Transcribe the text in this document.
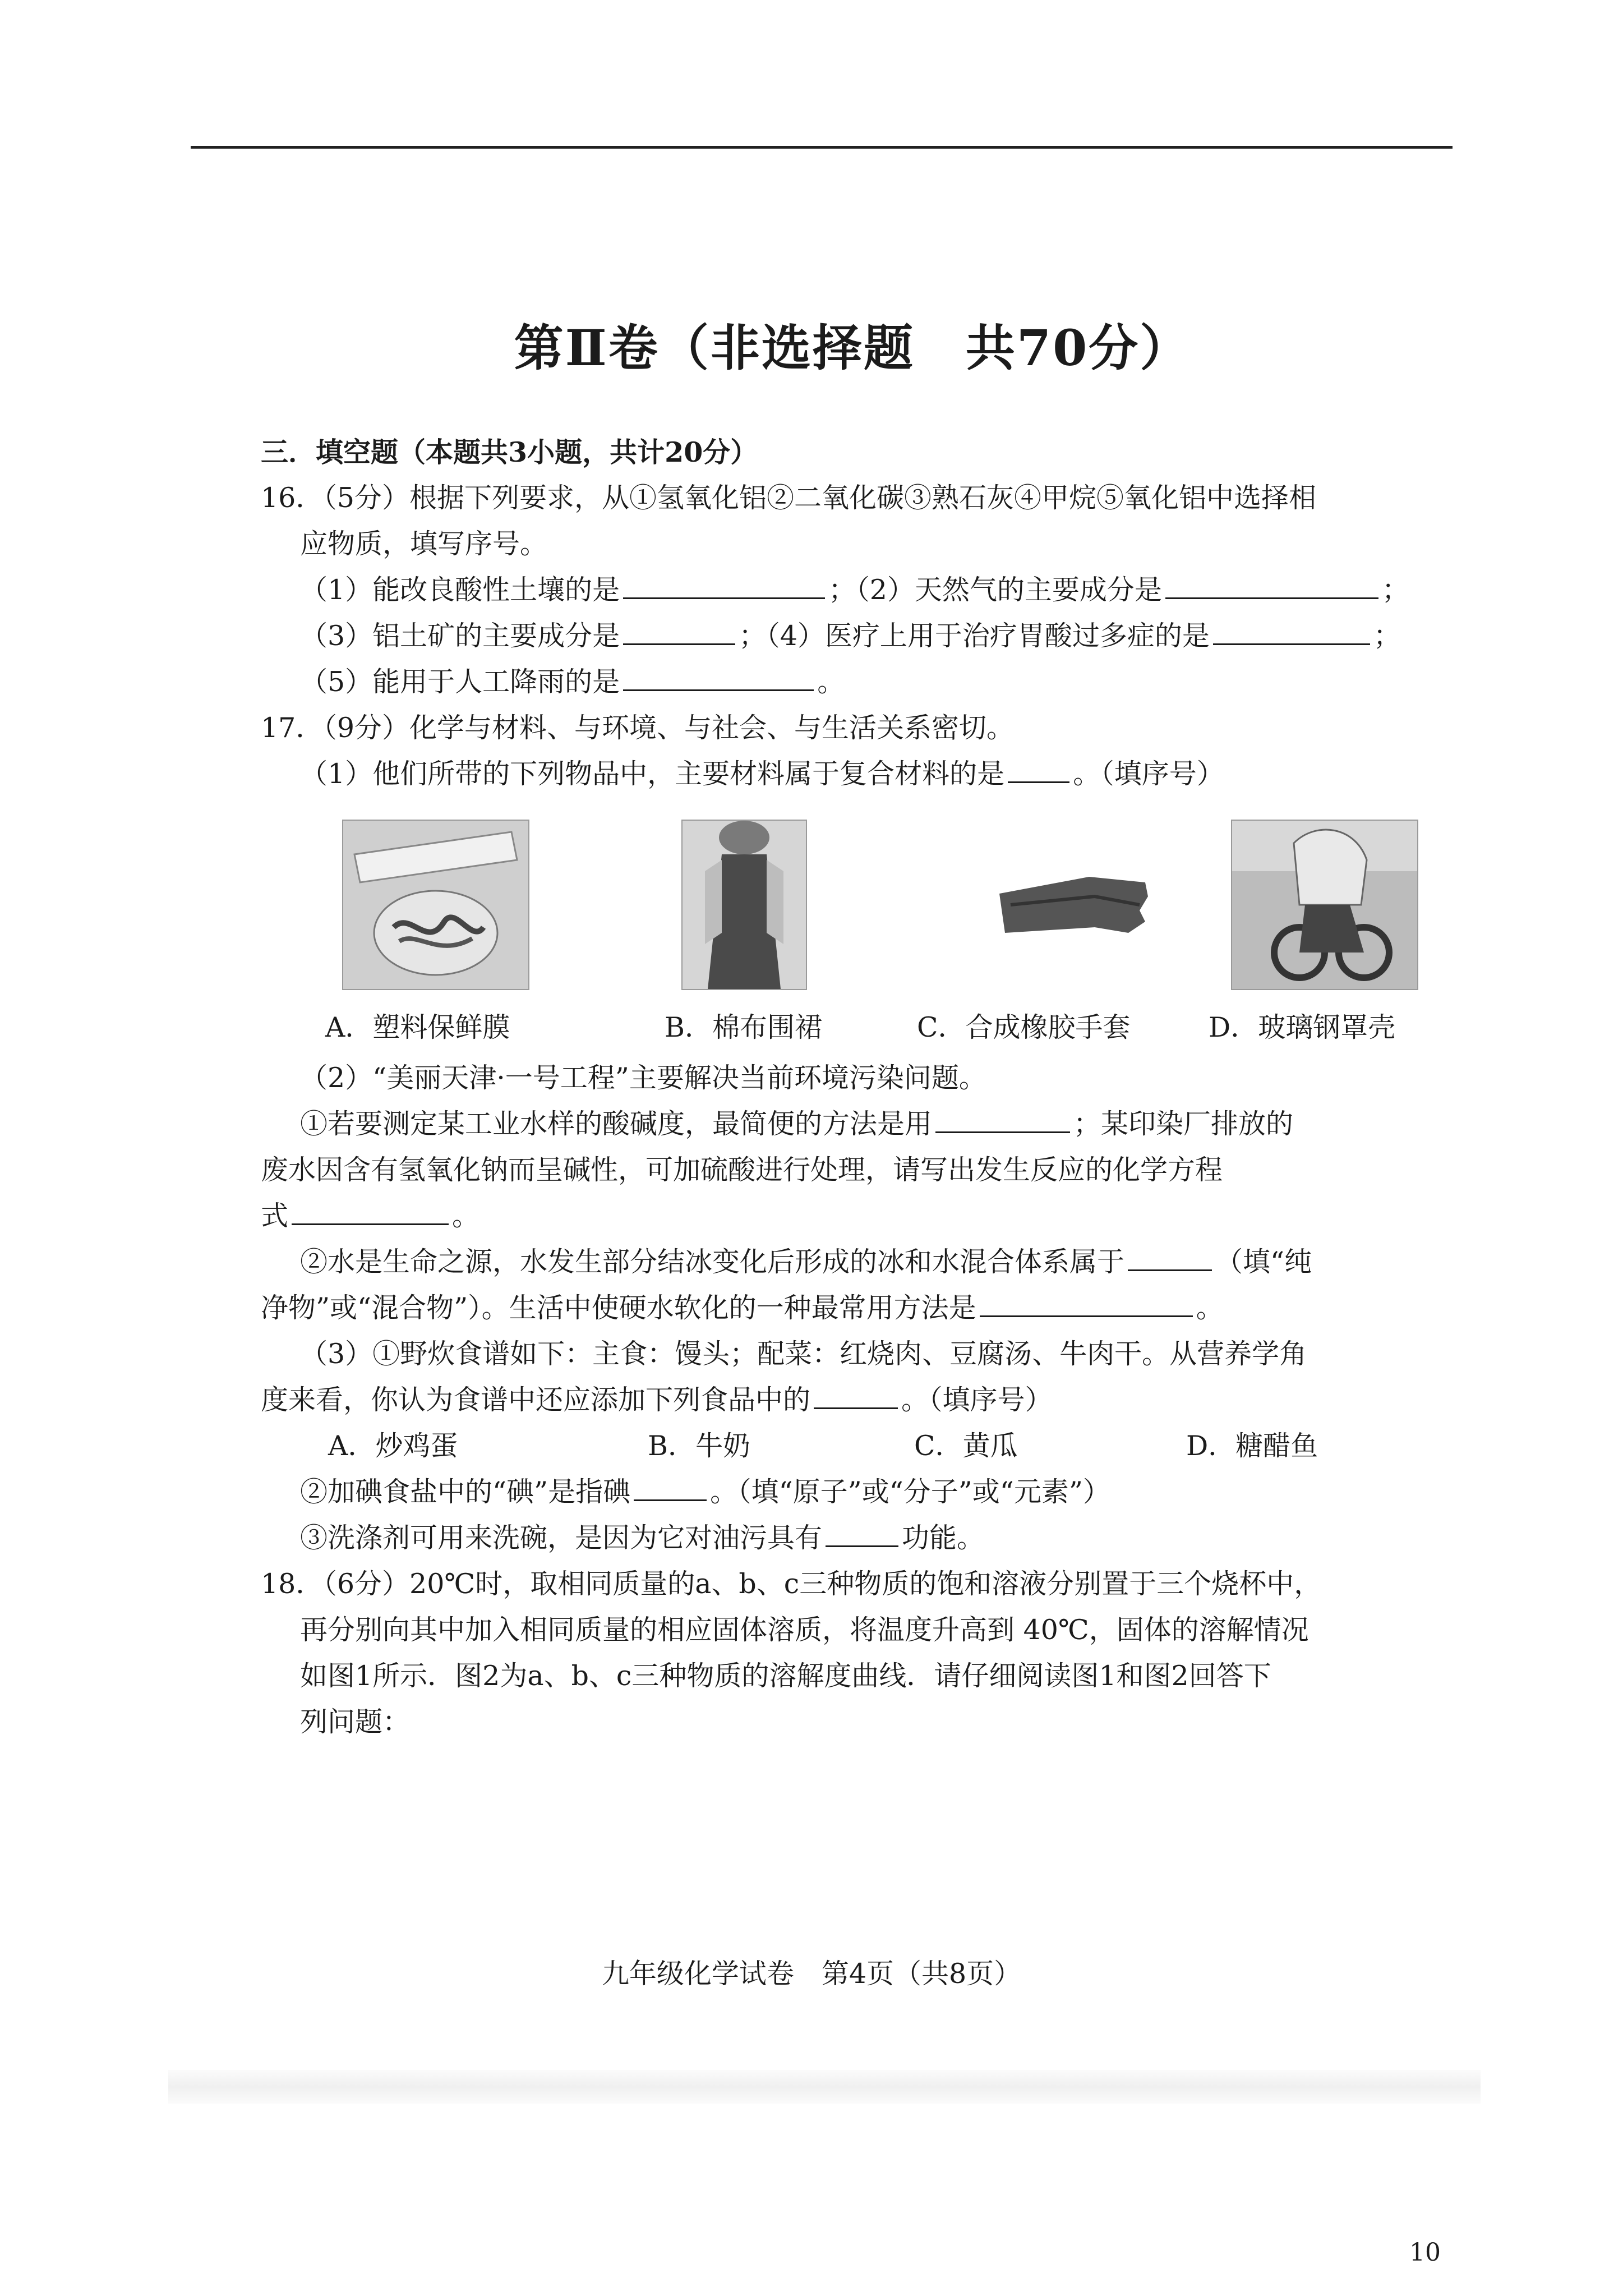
第Ⅱ卷（非选择题　共70分）
三．填空题（本题共3小题，共计20分）
16．（5分）根据下列要求，从①氢氧化铝②二氧化碳③熟石灰④甲烷⑤氧化铝中选择相
应物质，填写序号。
（1）能改良酸性土壤的是	；（2）天然气的主要成分是	；
（3）铝土矿的主要成分是	；（4）医疗上用于治疗胃酸过多症的是	；
（5）能用于人工降雨的是	。
17．（9分）化学与材料、与环境、与社会、与生活关系密切。
（1）他们所带的下列物品中，主要材料属于复合材料的是 。（填序号）
A．塑料保鲜膜	B．棉布围裙	C．合成橡胶手套	D．玻璃钢罩壳
（2）“美丽天津·一号工程”主要解决当前环境污染问题。
①若要测定某工业水样的酸碱度，最简便的方法是用	；某印染厂排放的
废水因含有氢氧化钠而呈碱性，可加硫酸进行处理，请写出发生反应的化学方程
式	。
②水是生命之源，水发生部分结冰变化后形成的冰和水混合体系属于	（填“纯
净物”或“混合物”）。生活中使硬水软化的一种最常用方法是	。
（3）①野炊食谱如下：主食：馒头；配菜：红烧肉、豆腐汤、牛肉干。从营养学角
度来看，你认为食谱中还应添加下列食品中的	。（填序号）
A．炒鸡蛋	B．牛奶	C．黄瓜	D．糖醋鱼
②加碘食盐中的“碘”是指碘	。（填“原子”或“分子”或“元素”）
③洗涤剂可用来洗碗，是因为它对油污具有	功能。
18．（6分）20℃时，取相同质量的a、b、c三种物质的饱和溶液分别置于三个烧杯中，
再分别向其中加入相同质量的相应固体溶质，将温度升高到 40℃，固体的溶解情况
如图1所示．图2为a、b、c三种物质的溶解度曲线．请仔细阅读图1和图2回答下
列问题：
九年级化学试卷　第4页（共8页）
10
